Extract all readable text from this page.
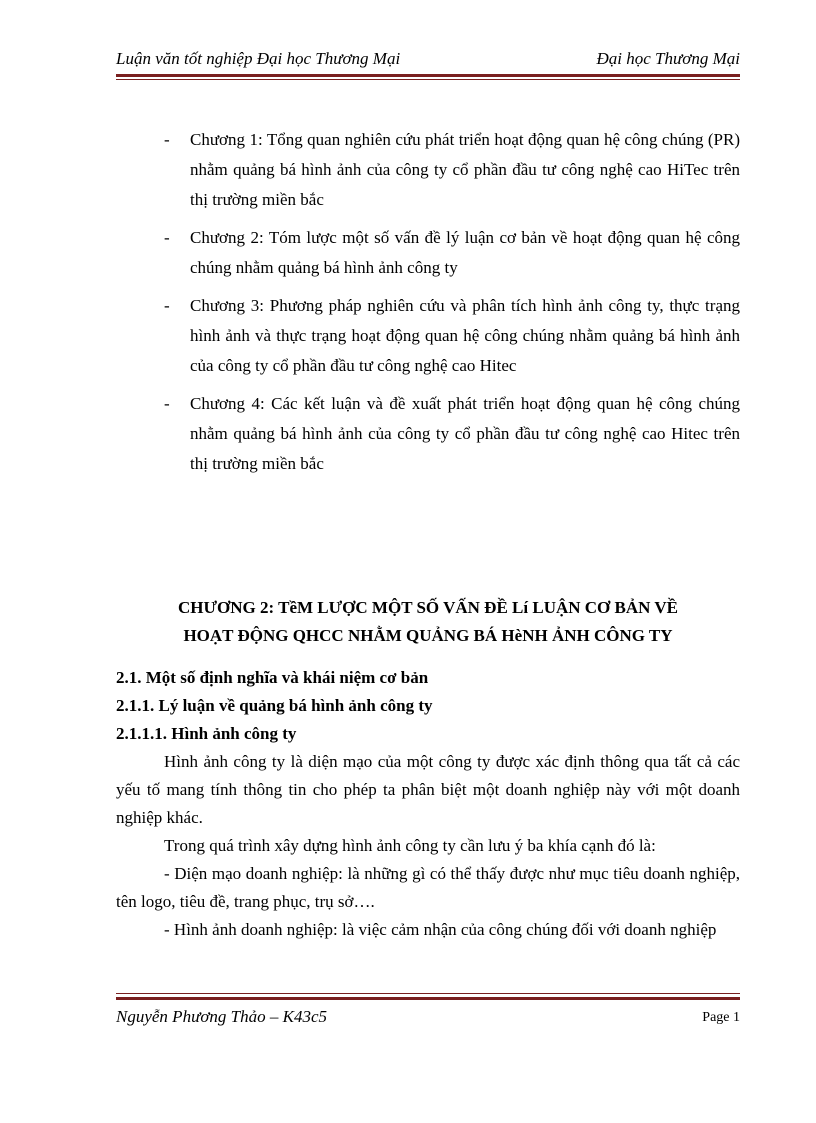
Luận văn tốt nghiệp Đại học Thương Mại	Đại học Thương Mại
- Chương 1: Tổng quan nghiên cứu phát triển hoạt động quan hệ công chúng (PR) nhằm quảng bá hình ảnh của công ty cổ phần đầu tư công nghệ cao HiTec trên thị trường miền bắc
- Chương 2: Tóm lược một số vấn đề lý luận cơ bản về hoạt động quan hệ công chúng nhằm quảng bá hình ảnh công ty
- Chương 3: Phương pháp nghiên cứu và phân tích hình ảnh công ty, thực trạng hình ảnh và thực trạng hoạt động quan hệ công chúng nhằm quảng bá hình ảnh của công ty cổ phần đầu tư công nghệ cao Hitec
- Chương 4: Các kết luận và đề xuất phát triển hoạt động quan hệ công chúng nhằm quảng bá hình ảnh của công ty cổ phần đầu tư công nghệ cao Hitec trên thị trường miền bắc
CHƯƠNG 2: TềM LƯỢC MỘT SỐ VẤN ĐỀ Lí LUẬN CƠ BẢN VỀ
HOẠT ĐỘNG QHCC NHẰM QUẢNG BÁ HèNH ẢNH CÔNG TY

2.1. Một số định nghĩa và khái niệm cơ bản

2.1.1. Lý luận về quảng bá hình ảnh công ty

2.1.1.1. Hình ảnh công ty

Hình ảnh công ty là diện mạo của một công ty được xác định thông qua tất cả các yếu tố mang tính thông tin cho phép ta phân biệt một doanh nghiệp này với một doanh nghiệp khác.

Trong quá trình xây dựng hình ảnh công ty cần lưu ý ba khía cạnh đó là:

- Diện mạo doanh nghiệp: là những gì có thể thấy được như mục tiêu doanh nghiệp, tên logo, tiêu đề, trang phục, trụ sở….

- Hình ảnh doanh nghiệp: là việc cảm nhận của công chúng đối với doanh nghiệp

Nguyễn Phương Thảo – K43c5	Page 1
